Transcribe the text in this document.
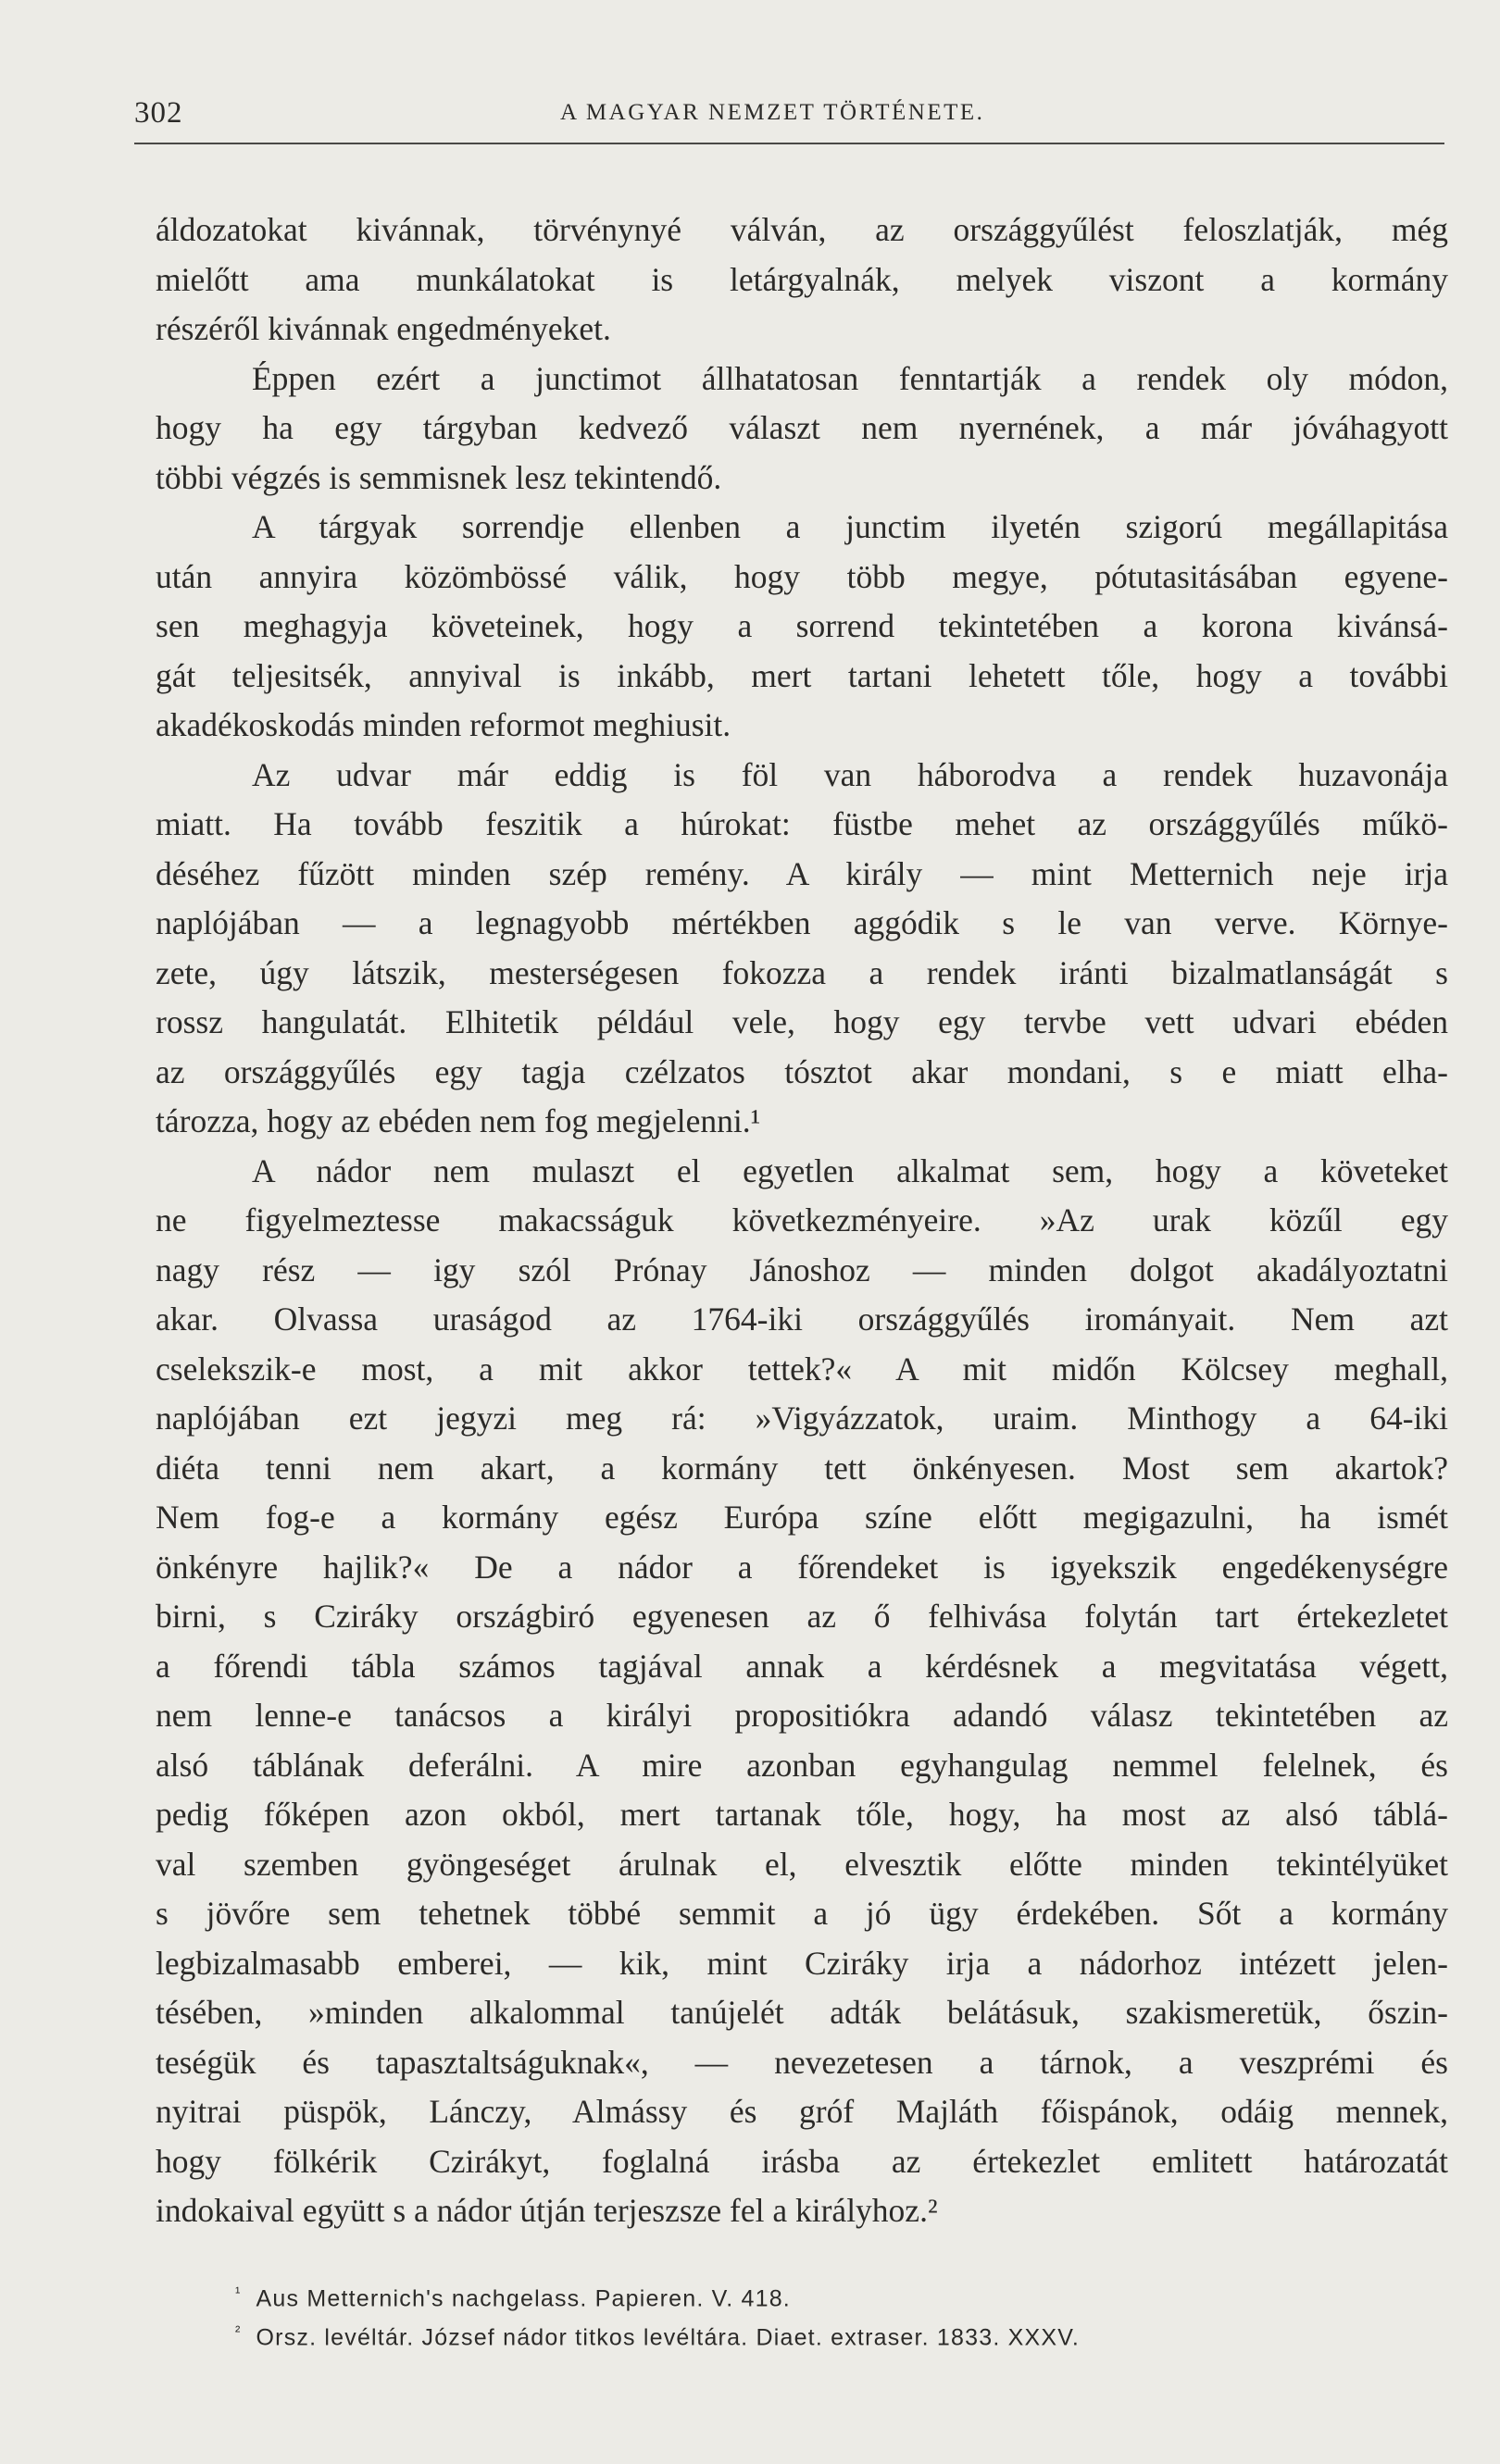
302	A MAGYAR NEMZET TÖRTÉNETE.
áldozatokat kivánnak, törvénynyé válván, az országgyűlést feloszlatják, még
mielőtt ama munkálatokat is letárgyalnák, melyek viszont a kormány
részéről kivánnak engedményeket.
Éppen ezért a junctimot állhatatosan fenntartják a rendek oly módon,
hogy ha egy tárgyban kedvező választ nem nyernének, a már jóváhagyott
többi végzés is semmisnek lesz tekintendő.
A tárgyak sorrendje ellenben a junctim ilyetén szigorú megállapitása
után annyira közömbössé válik, hogy több megye, pótutasitásában egyene-
sen meghagyja követeinek, hogy a sorrend tekintetében a korona kivánsá-
gát teljesitsék, annyival is inkább, mert tartani lehetett tőle, hogy a további
akadékoskodás minden reformot meghiusit.
Az udvar már eddig is föl van háborodva a rendek huzavonája
miatt. Ha tovább feszitik a húrokat: füstbe mehet az országgyűlés műkö-
déséhez fűzött minden szép remény. A király — mint Metternich neje irja
naplójában — a legnagyobb mértékben aggódik s le van verve. Környe-
zete, úgy látszik, mesterségesen fokozza a rendek iránti bizalmatlanságát s
rossz hangulatát. Elhitetik például vele, hogy egy tervbe vett udvari ebéden
az országgyűlés egy tagja czélzatos tósztot akar mondani, s e miatt elha-
tározza, hogy az ebéden nem fog megjelenni.¹
A nádor nem mulaszt el egyetlen alkalmat sem, hogy a követeket
ne figyelmeztesse makacsságuk következményeire. »Az urak közűl egy
nagy rész — igy szól Prónay Jánoshoz — minden dolgot akadályoztatni
akar. Olvassa uraságod az 1764-iki országgyűlés irományait. Nem azt
cselekszik-e most, a mit akkor tettek?« A mit midőn Kölcsey meghall,
naplójában ezt jegyzi meg rá: »Vigyázzatok, uraim. Minthogy a 64-iki
diéta tenni nem akart, a kormány tett önkényesen. Most sem akartok?
Nem fog-e a kormány egész Európa színe előtt megigazulni, ha ismét
önkényre hajlik?« De a nádor a főrendeket is igyekszik engedékenységre
birni, s Cziráky országbiró egyenesen az ő felhivása folytán tart értekezletet
a főrendi tábla számos tagjával annak a kérdésnek a megvitatása végett,
nem lenne-e tanácsos a királyi propositiókra adandó válasz tekintetében az
alsó táblának deferálni. A mire azonban egyhangulag nemmel felelnek, és
pedig főképen azon okból, mert tartanak tőle, hogy, ha most az alsó táblá-
val szemben gyöngeséget árulnak el, elvesztik előtte minden tekintélyüket
s jövőre sem tehetnek többé semmit a jó ügy érdekében. Sőt a kormány
legbizalmasabb emberei, — kik, mint Cziráky irja a nádorhoz intézett jelen-
tésében, »minden alkalommal tanújelét adták belátásuk, szakismeretük, őszin-
teségük és tapasztaltságuknak«, — nevezetesen a tárnok, a veszprémi és
nyitrai püspök, Lánczy, Almássy és gróf Majláth főispánok, odáig mennek,
hogy fölkérik Czirákyt, foglalná irásba az értekezlet emlitett határozatát
indokaival együtt s a nádor útján terjeszsze fel a királyhoz.²
$^{^1}$ Aus Metternich's nachgelass. Papieren. V. 418.
$^{^2}$ Orsz. levéltár. József nádor titkos levéltára. Diaet. extraser. 1833. XXXV.
